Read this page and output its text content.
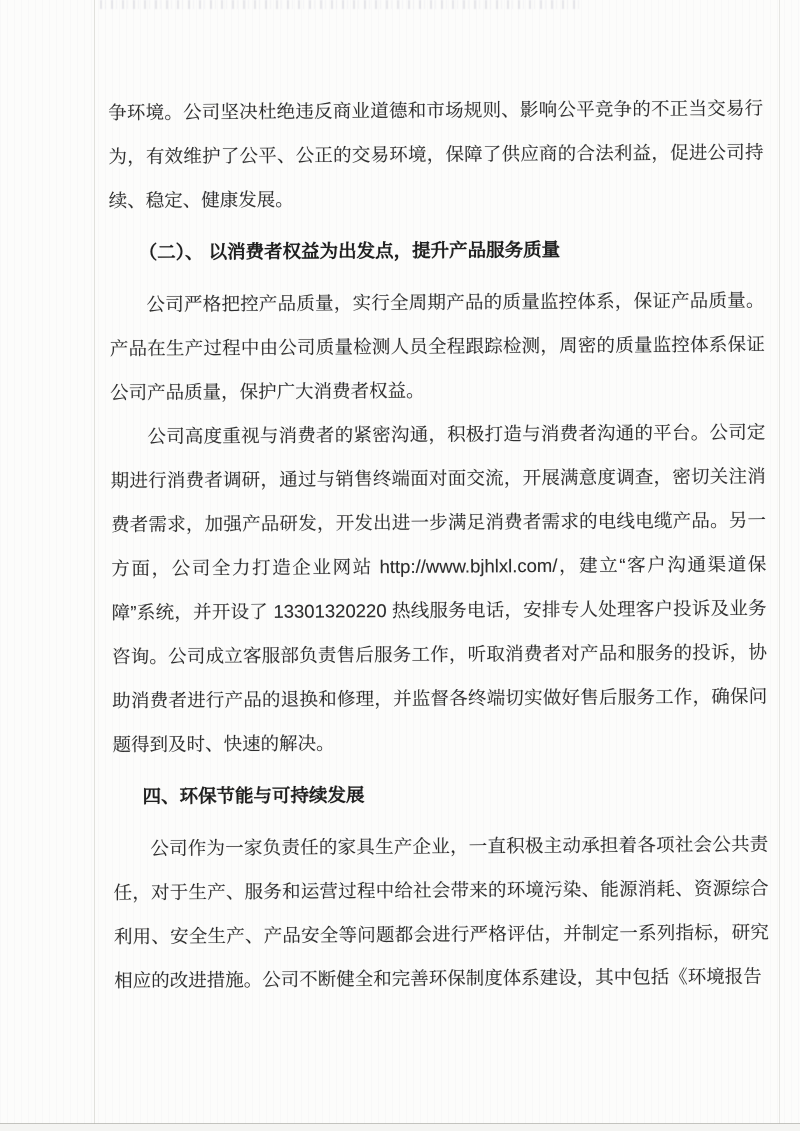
争环境。公司坚决杜绝违反商业道德和市场规则、影响公平竞争的不正当交易行为，有效维护了公平、公正的交易环境，保障了供应商的合法利益，促进公司持续、稳定、健康发展。

（二）、 以消费者权益为出发点，提升产品服务质量

公司严格把控产品质量，实行全周期产品的质量监控体系，保证产品质量。产品在生产过程中由公司质量检测人员全程跟踪检测，周密的质量监控体系保证公司产品质量，保护广大消费者权益。

公司高度重视与消费者的紧密沟通，积极打造与消费者沟通的平台。公司定期进行消费者调研，通过与销售终端面对面交流，开展满意度调查，密切关注消费者需求，加强产品研发，开发出进一步满足消费者需求的电线电缆产品。另一方面，公司全力打造企业网站 http://www.bjhlxl.com/，建立“客户沟通渠道保障”系统，并开设了 13301320220 热线服务电话，安排专人处理客户投诉及业务咨询。公司成立客服部负责售后服务工作，听取消费者对产品和服务的投诉，协助消费者进行产品的退换和修理，并监督各终端切实做好售后服务工作，确保问题得到及时、快速的解决。

四、环保节能与可持续发展

公司作为一家负责任的家具生产企业，一直积极主动承担着各项社会公共责任，对于生产、服务和运营过程中给社会带来的环境污染、能源消耗、资源综合利用、安全生产、产品安全等问题都会进行严格评估，并制定一系列指标，研究相应的改进措施。公司不断健全和完善环保制度体系建设，其中包括《环境报告
